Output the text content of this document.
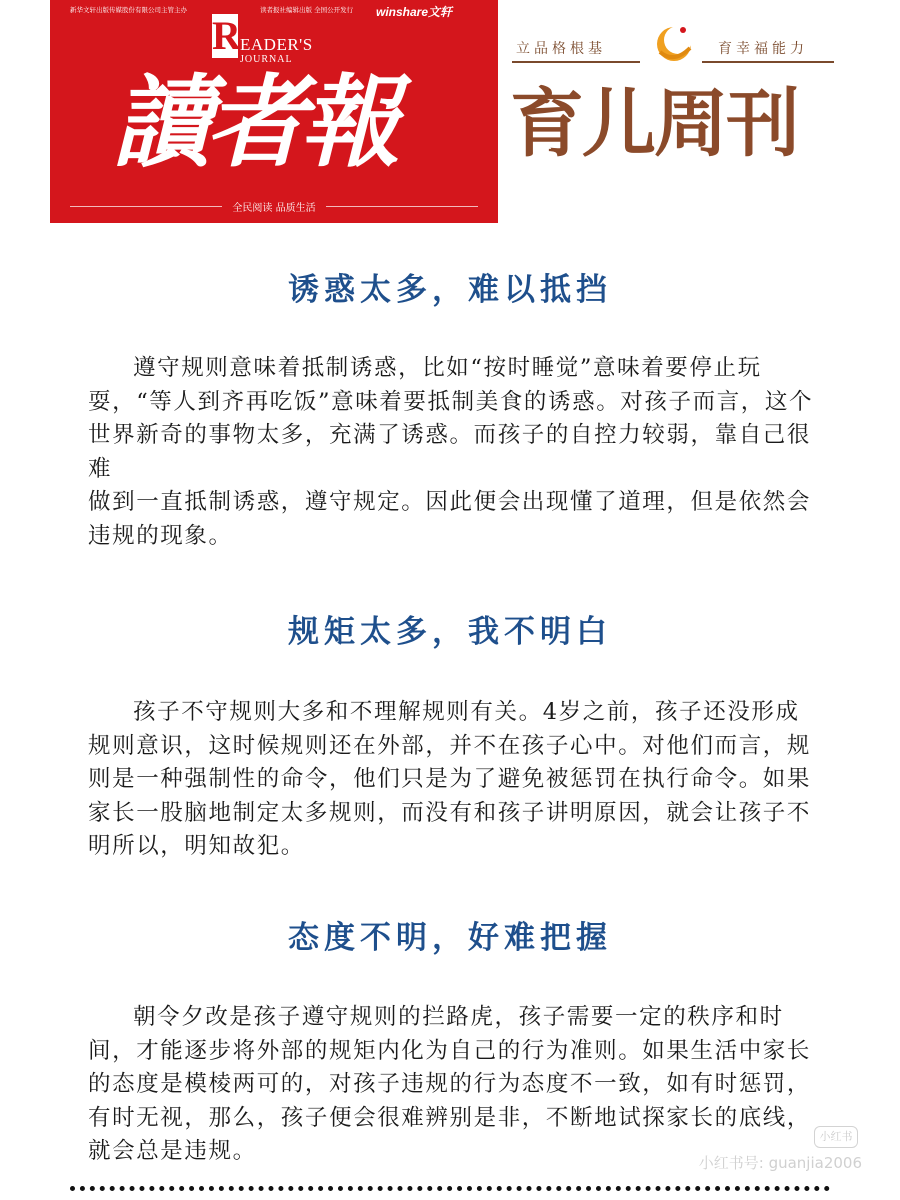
新华文轩出版传媒股份有限公司主管主办	读者报社编辑出版 全国公开发行 winshare文轩
R EADER'S
JOURNAL
讀者報
全民阅读 品质生活
立品格根基	育幸福能力
育儿周刊
诱惑太多，难以抵挡

遵守规则意味着抵制诱惑，比如“按时睡觉”意味着要停止玩耍，“等人到齐再吃饭”意味着要抵制美食的诱惑。对孩子而言，这个世界新奇的事物太多，充满了诱惑。而孩子的自控力较弱，靠自己很难

做到一直抵制诱惑，遵守规定。因此便会出现懂了道理，但是依然会违规的现象。

规矩太多，我不明白

孩子不守规则大多和不理解规则有关。4岁之前，孩子还没形成规则意识，这时候规则还在外部，并不在孩子心中。对他们而言，规则是一种强制性的命令，他们只是为了避免被惩罚在执行命令。如果家长一股脑地制定太多规则，而没有和孩子讲明原因，就会让孩子不明所以，明知故犯。

态度不明，好难把握

朝令夕改是孩子遵守规则的拦路虎，孩子需要一定的秩序和时间，才能逐步将外部的规矩内化为自己的行为准则。如果生活中家长的态度是模棱两可的，对孩子违规的行为态度不一致，如有时惩罚，有时无视，那么，孩子便会很难辨别是非，不断地试探家长的底线，就会总是违规。

小红书
小红书号: guanjia2006
